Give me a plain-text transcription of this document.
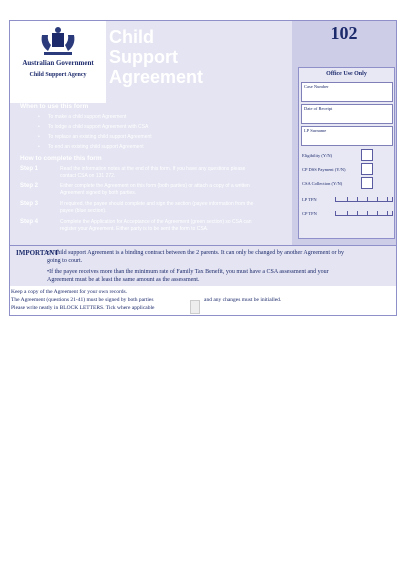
Australian Government
Child Support Agency
Child
Support
Agreement
When to use this form
• To make a child support Agreement
• To lodge a child support Agreement with CSA
• To replace an existing child support Agreement
• To end an existing child support Agreement
How to complete this form
Step 1	Read the information notes at the end of this form. If you have any questions please contact CSA on 131 272.
Step 2	Either complete the Agreement on this form (both parties) or attach a copy of a written Agreement signed by both parties.
Step 3	If required, the payee should complete and sign the section (payee information from the payee (blue section).
Step 4	Complete the Application for Acceptance of the Agreement (green section) so CSA can register your Agreement. Either party is to be sent the form to CSA.
102
Office Use Only
Case Number
Date of Receipt
LP Surname
Eligibility (Y/N)
CP DSS Payment (Y/N)
CSA Collection (Y/N)
LP TFN
CP TFN
IMPORTANT
•A child support Agreement is a binding contract between the 2 parents. It can only be changed by another Agreement or by going to court.
•If the payee receives more than the minimum rate of Family Tax Benefit, you must have a CSA assessment and your Agreement must be at least the same amount as the assessment.
Keep a copy of the Agreement for your own records.
The Agreement (questions 21-41) must be signed by both parties	and any changes must be initialled.
Please write neatly in BLOCK LETTERS. Tick where applicable
